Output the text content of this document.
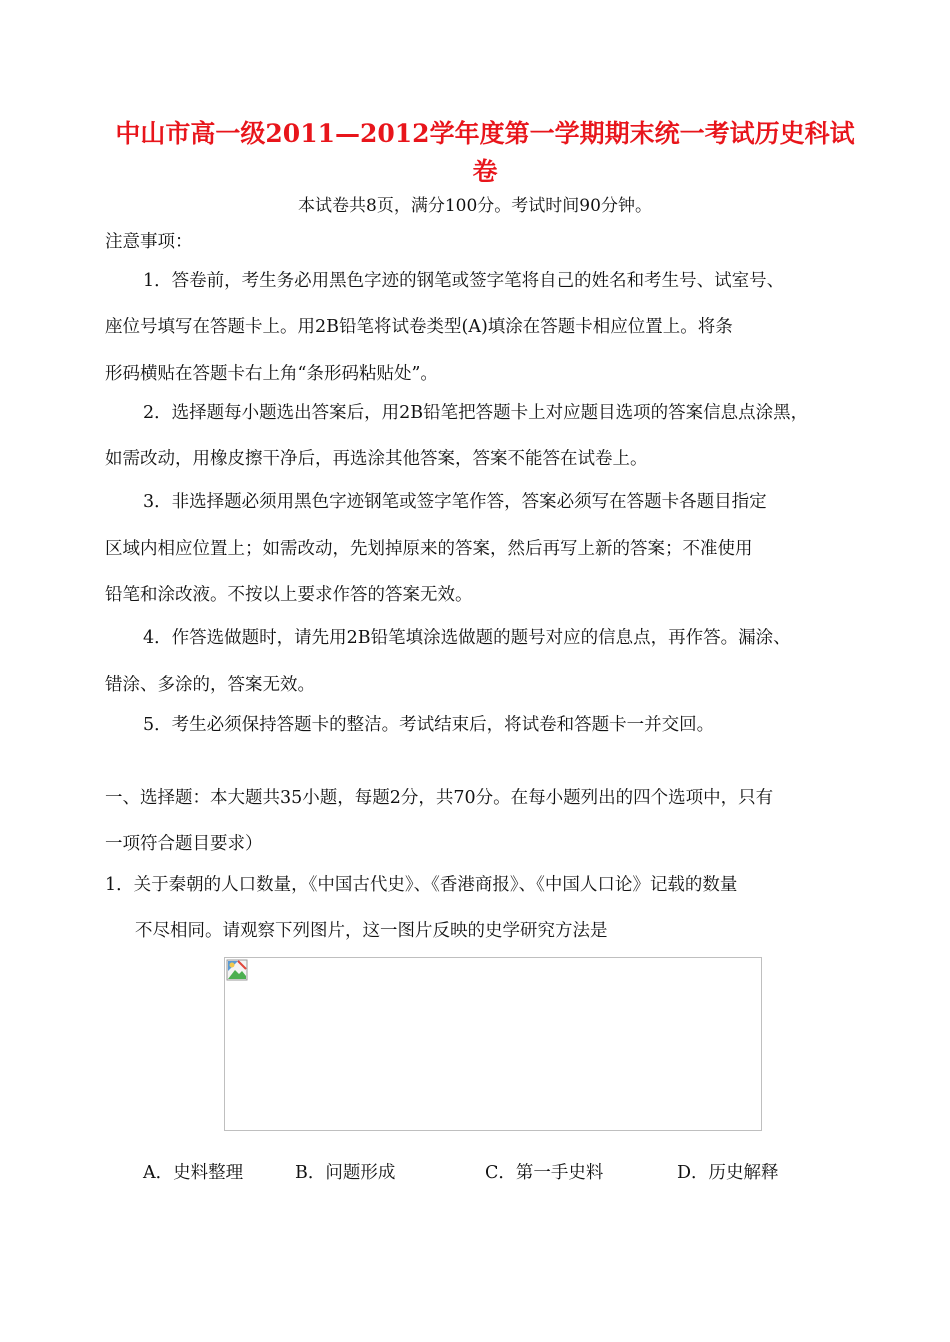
中山市高一级2011—2012学年度第一学期期末统一考试历史科试
卷
本试卷共8页，满分100分。考试时间90分钟。
注意事项：
1．答卷前，考生务必用黑色字迹的钢笔或签字笔将自己的姓名和考生号、试室号、
座位号填写在答题卡上。用2B铅笔将试卷类型(A)填涂在答题卡相应位置上。将条
形码横贴在答题卡右上角“条形码粘贴处”。
2．选择题每小题选出答案后，用2B铅笔把答题卡上对应题目选项的答案信息点涂黑，
如需改动，用橡皮擦干净后，再选涂其他答案，答案不能答在试卷上。
3．非选择题必须用黑色字迹钢笔或签字笔作答，答案必须写在答题卡各题目指定
区域内相应位置上；如需改动，先划掉原来的答案，然后再写上新的答案；不准使用
铅笔和涂改液。不按以上要求作答的答案无效。
4．作答选做题时，请先用2B铅笔填涂选做题的题号对应的信息点，再作答。漏涂、
错涂、多涂的，答案无效。
5．考生必须保持答题卡的整洁。考试结束后，将试卷和答题卡一并交回。
一、选择题：本大题共35小题，每题2分，共70分。在每小题列出的四个选项中，只有
一项符合题目要求）
1．关于秦朝的人口数量，《中国古代史》、《香港商报》、《中国人口论》记载的数量
不尽相同。请观察下列图片，这一图片反映的史学研究方法是
A．史料整理	B．问题形成	C．第一手史料	D．历史解释
